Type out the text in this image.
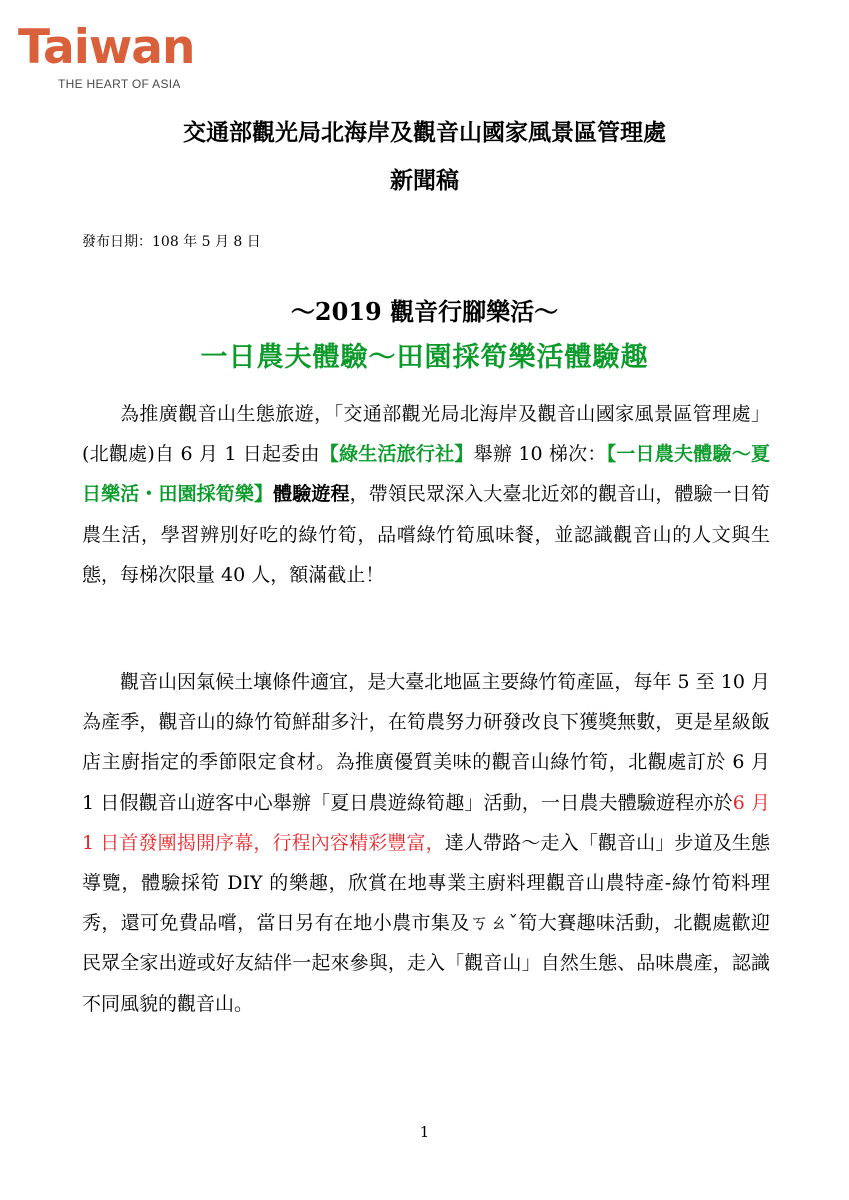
Taiwan
THE HEART OF ASIA
交通部觀光局北海岸及觀音山國家風景區管理處
新聞稿
發布日期：108 年 5 月 8 日
～2019 觀音行腳樂活～
一日農夫體驗～田園採筍樂活體驗趣

為推廣觀音山生態旅遊，「交通部觀光局北海岸及觀音山國家風景區管理處」(北觀處)自 6 月 1 日起委由【綠生活旅行社】舉辦 10 梯次：【一日農夫體驗～夏日樂活・田園採筍樂】體驗遊程，帶領民眾深入大臺北近郊的觀音山，體驗一日筍農生活，學習辨別好吃的綠竹筍，品嚐綠竹筍風味餐，並認識觀音山的人文與生態，每梯次限量 40 人，額滿截止！

觀音山因氣候土壤條件適宜，是大臺北地區主要綠竹筍產區，每年 5 至 10 月為產季，觀音山的綠竹筍鮮甜多汁，在筍農努力研發改良下獲獎無數，更是星級飯店主廚指定的季節限定食材。為推廣優質美味的觀音山綠竹筍，北觀處訂於 6 月 1 日假觀音山遊客中心舉辦「夏日農遊綠筍趣」活動，一日農夫體驗遊程亦於6 月 1 日首發團揭開序幕，行程內容精彩豐富，達人帶路～走入「觀音山」步道及生態導覽，體驗採筍 DIY 的樂趣，欣賞在地專業主廚料理觀音山農特產-綠竹筍料理秀，還可免費品嚐，當日另有在地小農市集及ㄎㄠˇ筍大賽趣味活動，北觀處歡迎民眾全家出遊或好友結伴一起來參與，走入「觀音山」自然生態、品味農產，認識不同風貌的觀音山。

1
